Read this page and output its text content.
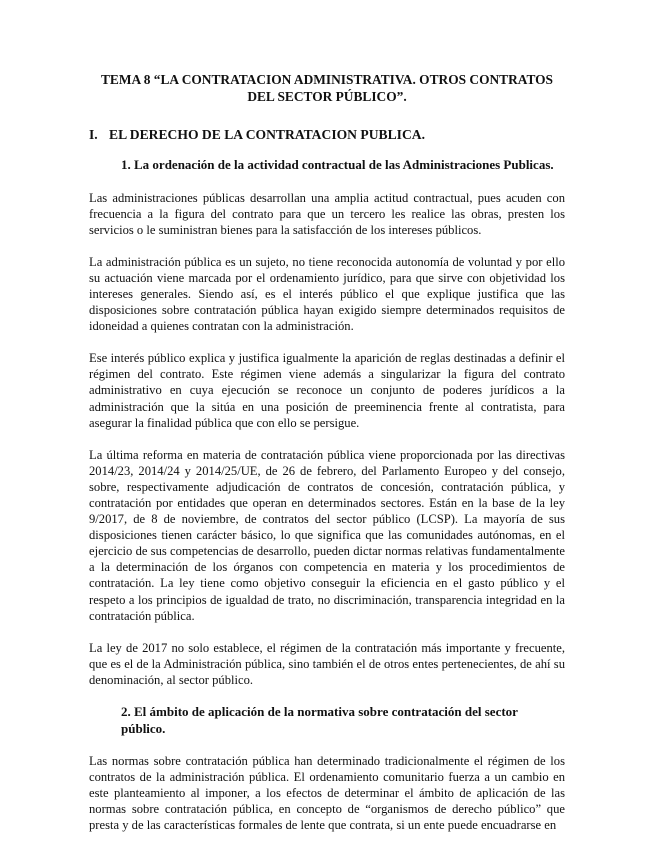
TEMA 8 “LA CONTRATACION ADMINISTRATIVA. OTROS CONTRATOS DEL SECTOR PÚBLICO”.
I. EL DERECHO DE LA CONTRATACION PUBLICA.
1. La ordenación de la actividad contractual de las Administraciones Publicas.

Las administraciones públicas desarrollan una amplia actitud contractual, pues acuden con frecuencia a la figura del contrato para que un tercero les realice las obras, presten los servicios o le suministran bienes para la satisfacción de los intereses públicos.

La administración pública es un sujeto, no tiene reconocida autonomía de voluntad y por ello su actuación viene marcada por el ordenamiento jurídico, para que sirve con objetividad los intereses generales. Siendo así, es el interés público el que explique justifica que las disposiciones sobre contratación pública hayan exigido siempre determinados requisitos de idoneidad a quienes contratan con la administración.

Ese interés público explica y justifica igualmente la aparición de reglas destinadas a definir el régimen del contrato. Este régimen viene además a singularizar la figura del contrato administrativo en cuya ejecución se reconoce un conjunto de poderes jurídicos a la administración que la sitúa en una posición de preeminencia frente al contratista, para asegurar la finalidad pública que con ello se persigue.

La última reforma en materia de contratación pública viene proporcionada por las directivas 2014/23, 2014/24 y 2014/25/UE, de 26 de febrero, del Parlamento Europeo y del consejo, sobre, respectivamente adjudicación de contratos de concesión, contratación pública, y contratación por entidades que operan en determinados sectores. Están en la base de la ley 9/2017, de 8 de noviembre, de contratos del sector público (LCSP). La mayoría de sus disposiciones tienen carácter básico, lo que significa que las comunidades autónomas, en el ejercicio de sus competencias de desarrollo, pueden dictar normas relativas fundamentalmente a la determinación de los órganos con competencia en materia y los procedimientos de contratación. La ley tiene como objetivo conseguir la eficiencia en el gasto público y el respeto a los principios de igualdad de trato, no discriminación, transparencia integridad en la contratación pública.

La ley de 2017 no solo establece, el régimen de la contratación más importante y frecuente, que es el de la Administración pública, sino también el de otros entes pertenecientes, de ahí su denominación, al sector público.

2. El ámbito de aplicación de la normativa sobre contratación del sector público.

Las normas sobre contratación pública han determinado tradicionalmente el régimen de los contratos de la administración pública. El ordenamiento comunitario fuerza a un cambio en este planteamiento al imponer, a los efectos de determinar el ámbito de aplicación de las normas sobre contratación pública, en concepto de “organismos de derecho público” que presta y de las características formales de lente que contrata, si un ente puede encuadrarse en
